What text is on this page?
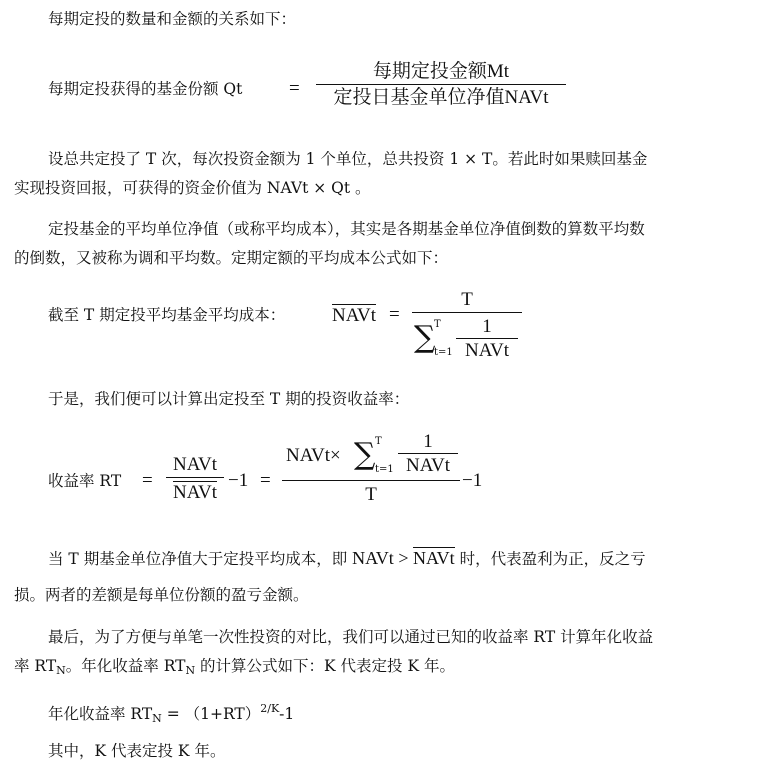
每期定投的数量和金额的关系如下：
每期定投获得的基金份额 Qt =
每期定投金额Mt
定投日基金单位净值NAVt
设总共定投了 T 次，每次投资金额为 1 个单位，总共投资 1 × T。若此时如果赎回基金
实现投资回报，可获得的资金价值为 NAVt × Qt 。
定投基金的平均单位净值（或称平均成本），其实是各期基金单位净值倒数的算数平均数
的倒数，又被称为调和平均数。定期定额的平均成本公式如下：
截至 T 期定投平均基金平均成本： NAVt =
T
∑
T
t=1
1
NAVt
于是，我们便可以计算出定投至 T 期的投资收益率：
收益率 RT =
NAVt
NAVt
−1 =
NAVt× ∑ T
t=1
1
NAVt
T
−1
当 T 期基金单位净值大于定投平均成本，即 NAVt > NAVt 时，代表盈利为正，反之亏
损。两者的差额是每单位份额的盈亏金额。
最后，为了方便与单笔一次性投资的对比，我们可以通过已知的收益率 RT 计算年化收益
率 $RT_N$。年化收益率 $RT_N$ 的计算公式如下：K 代表定投 K 年。
年化收益率 $RT_N = (1+RT)^{2/K}-1$
其中，K 代表定投 K 年。
